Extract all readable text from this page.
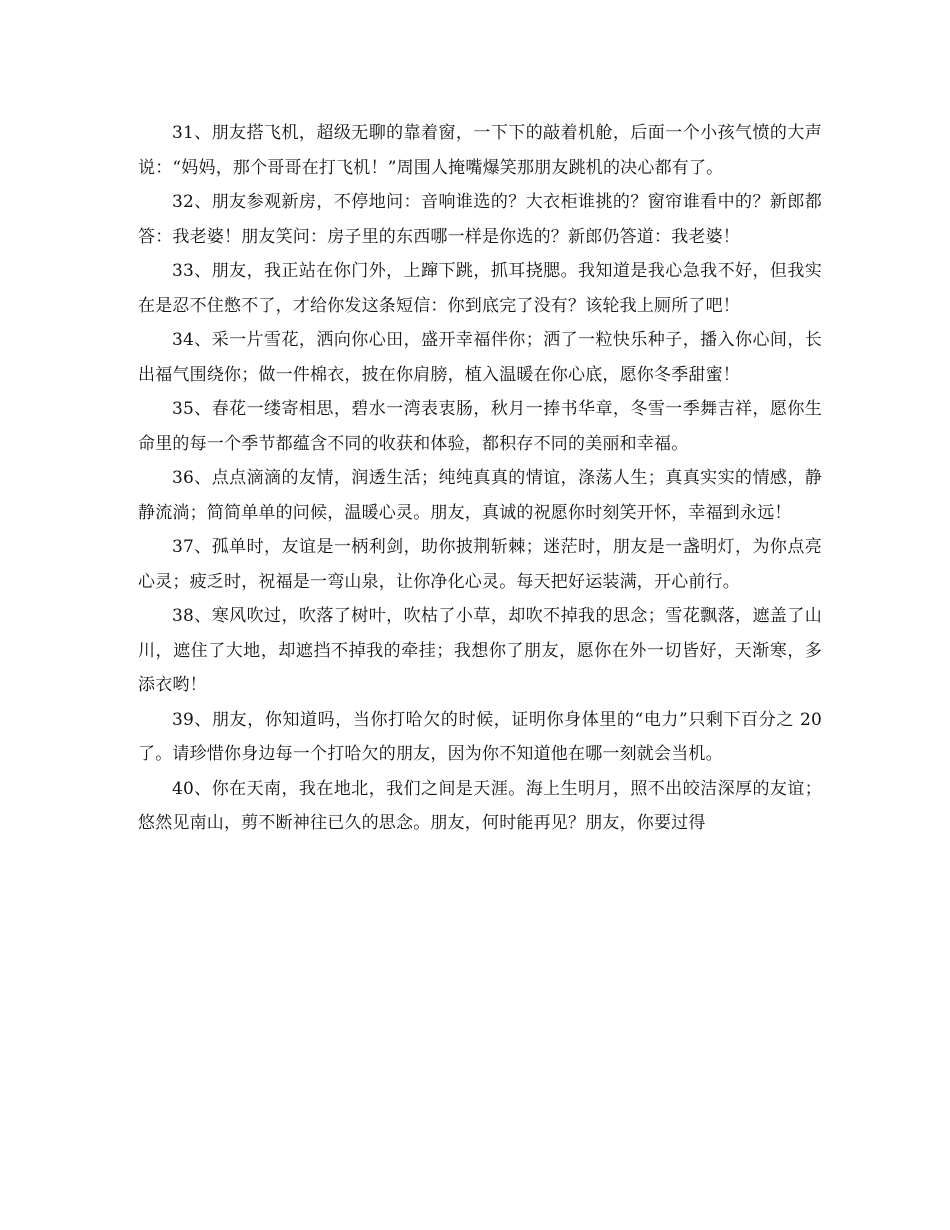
31、朋友搭飞机，超级无聊的靠着窗，一下下的敲着机舱，后面一个小孩气愤的大声说：“妈妈，那个哥哥在打飞机！”周围人掩嘴爆笑那朋友跳机的决心都有了。

32、朋友参观新房，不停地问：音响谁选的？大衣柜谁挑的？窗帘谁看中的？新郎都答：我老婆！朋友笑问：房子里的东西哪一样是你选的？新郎仍答道：我老婆！

33、朋友，我正站在你门外，上蹿下跳，抓耳挠腮。我知道是我心急我不好，但我实在是忍不住憋不了，才给你发这条短信：你到底完了没有？该轮我上厕所了吧！

34、采一片雪花，洒向你心田，盛开幸福伴你；洒了一粒快乐种子，播入你心间，长出福气围绕你；做一件棉衣，披在你肩膀，植入温暖在你心底，愿你冬季甜蜜！

35、春花一缕寄相思，碧水一湾表衷肠，秋月一捧书华章，冬雪一季舞吉祥，愿你生命里的每一个季节都蕴含不同的收获和体验，都积存不同的美丽和幸福。

36、点点滴滴的友情，润透生活；纯纯真真的情谊，涤荡人生；真真实实的情感，静静流淌；简简单单的问候，温暖心灵。朋友，真诚的祝愿你时刻笑开怀，幸福到永远！

37、孤单时，友谊是一柄利剑，助你披荆斩棘；迷茫时，朋友是一盏明灯，为你点亮心灵；疲乏时，祝福是一弯山泉，让你净化心灵。每天把好运装满，开心前行。

38、寒风吹过，吹落了树叶，吹枯了小草，却吹不掉我的思念；雪花飘落，遮盖了山川，遮住了大地，却遮挡不掉我的牵挂；我想你了朋友，愿你在外一切皆好，天渐寒，多添衣哟！

39、朋友，你知道吗，当你打哈欠的时候，证明你身体里的“电力”只剩下百分之 20 了。请珍惜你身边每一个打哈欠的朋友，因为你不知道他在哪一刻就会当机。

40、你在天南，我在地北，我们之间是天涯。海上生明月，照不出皎洁深厚的友谊；悠然见南山，剪不断神往已久的思念。朋友，何时能再见？朋友，你要过得
